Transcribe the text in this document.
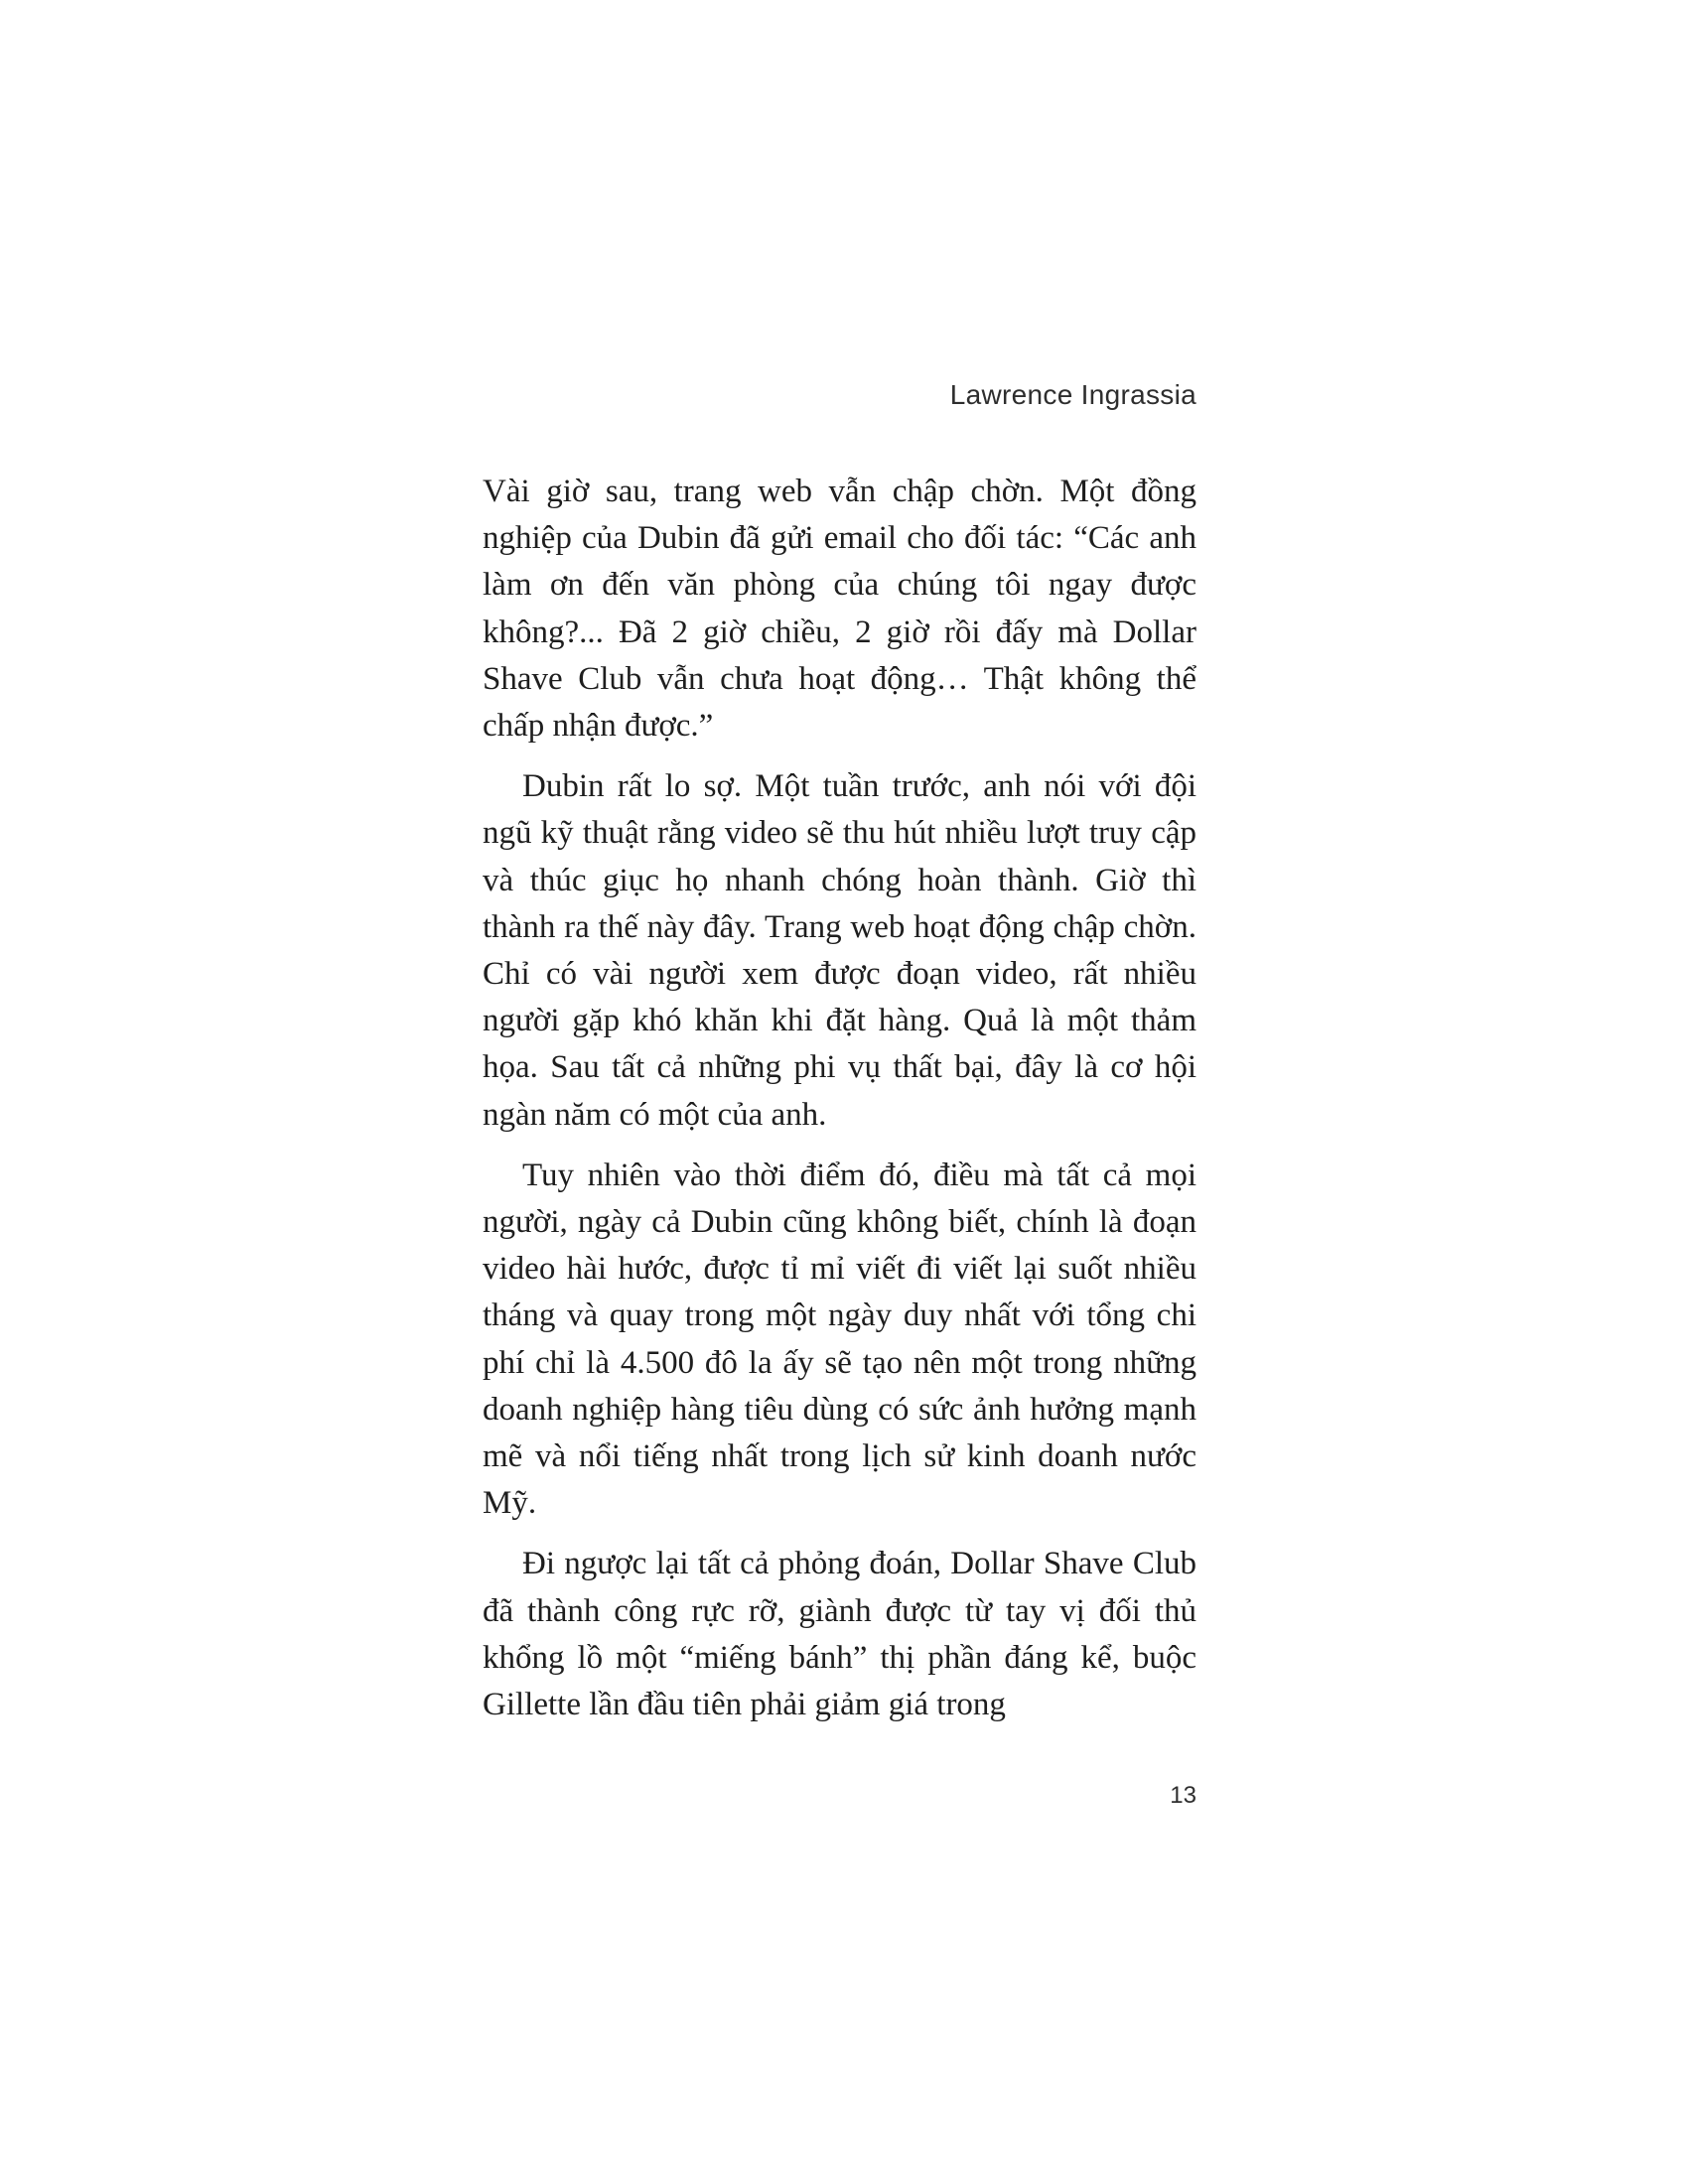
Lawrence Ingrassia

Vài giờ sau, trang web vẫn chập chờn. Một đồng nghiệp của Dubin đã gửi email cho đối tác: “Các anh làm ơn đến văn phòng của chúng tôi ngay được không?... Đã 2 giờ chiều, 2 giờ rồi đấy mà Dollar Shave Club vẫn chưa hoạt động… Thật không thể chấp nhận được.”

Dubin rất lo sợ. Một tuần trước, anh nói với đội ngũ kỹ thuật rằng video sẽ thu hút nhiều lượt truy cập và thúc giục họ nhanh chóng hoàn thành. Giờ thì thành ra thế này đây. Trang web hoạt động chập chờn. Chỉ có vài người xem được đoạn video, rất nhiều người gặp khó khăn khi đặt hàng. Quả là một thảm họa. Sau tất cả những phi vụ thất bại, đây là cơ hội ngàn năm có một của anh.

Tuy nhiên vào thời điểm đó, điều mà tất cả mọi người, ngày cả Dubin cũng không biết, chính là đoạn video hài hước, được tỉ mỉ viết đi viết lại suốt nhiều tháng và quay trong một ngày duy nhất với tổng chi phí chỉ là 4.500 đô la ấy sẽ tạo nên một trong những doanh nghiệp hàng tiêu dùng có sức ảnh hưởng mạnh mẽ và nổi tiếng nhất trong lịch sử kinh doanh nước Mỹ.

Đi ngược lại tất cả phỏng đoán, Dollar Shave Club đã thành công rực rỡ, giành được từ tay vị đối thủ khổng lồ một “miếng bánh” thị phần đáng kể, buộc Gillette lần đầu tiên phải giảm giá trong

13
